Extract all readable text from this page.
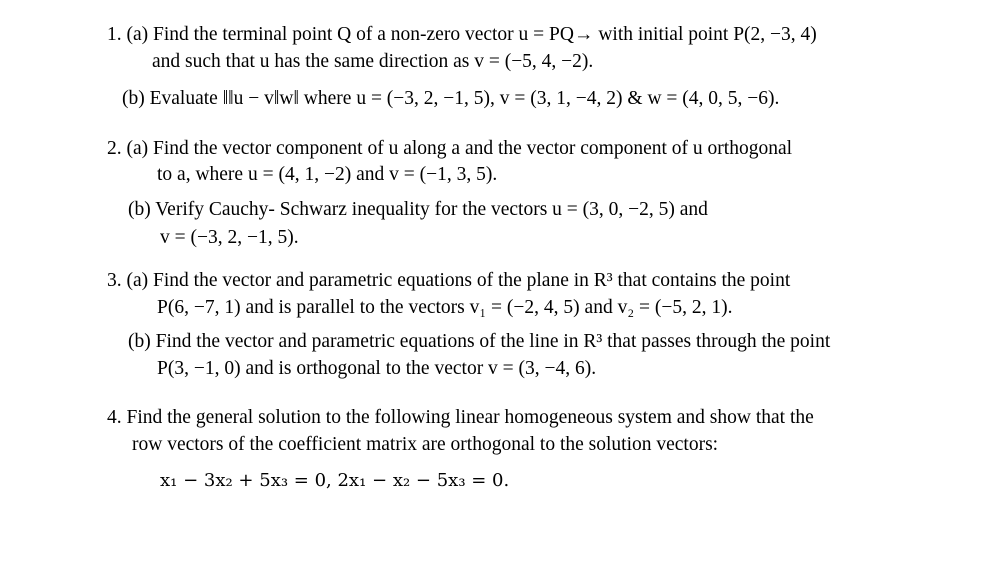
1. (a) Find the terminal point Q of a non-zero vector u = PQ→ with initial point P(2, −3, 4)
and such that u has the same direction as v = (−5, 4, −2).
(b) Evaluate ‖‖u − v‖w‖ where u = (−3, 2, −1, 5), v = (3, 1, −4, 2) & w = (4, 0, 5, −6).
2. (a) Find the vector component of u along a and the vector component of u orthogonal
to a, where u = (4, 1, −2) and v = (−1, 3, 5).
(b) Verify Cauchy- Schwarz inequality for the vectors u = (3, 0, −2, 5) and
v = (−3, 2, −1, 5).
3. (a) Find the vector and parametric equations of the plane in R³ that contains the point
P(6, −7, 1) and is parallel to the vectors v₁ = (−2, 4, 5) and v₂ = (−5, 2, 1).
(b) Find the vector and parametric equations of the line in R³ that passes through the point
P(3, −1, 0) and is orthogonal to the vector v = (3, −4, 6).
4. Find the general solution to the following linear homogeneous system and show that the
row vectors of the coefficient matrix are orthogonal to the solution vectors:
x₁ − 3x₂ + 5x₃ = 0, 2x₁ − x₂ − 5x₃ = 0.
